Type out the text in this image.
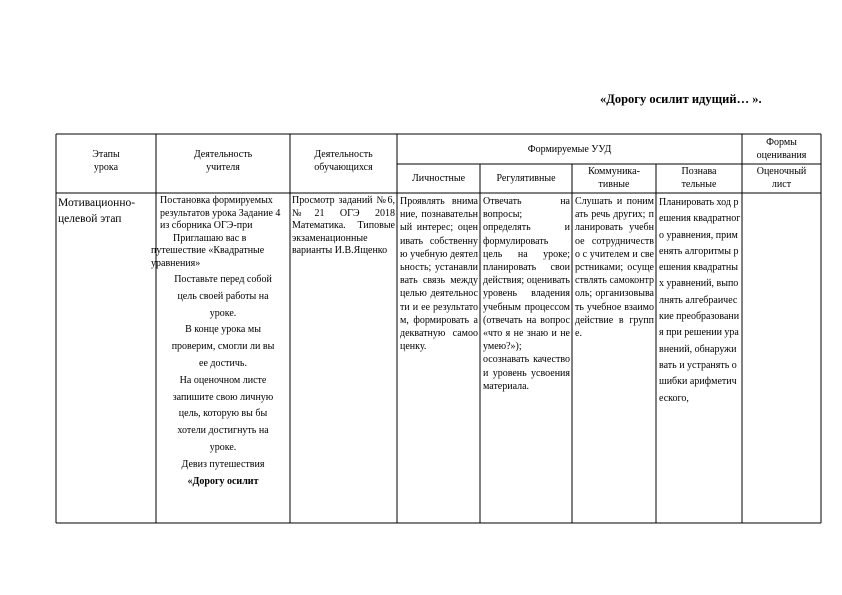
«Дорогу осилит идущий… ».
Этапы
урока
Деятельность
учителя
Деятельность
обучающихся
Формируемые УУД
Формы
оценивания
Личностные	Регулятивные
Коммуника-
тивные
Познава
тельные
Оценочный
лист
Мотивационно-целевой этап
Постановка формируемых результатов урока Задание 4 из сборника ОГЭ-при
Приглашаю вас в путешествие «Квадратные уравнения»

Поставьте перед собой цель своей работы на уроке.

В конце урока мы проверим, смогли ли вы ее достичь.

На оценочном листе запишите свою личную цель, которую вы бы хотели достигнуть на уроке.

Девиз путешествия

«Дорогу осилит

Просмотр заданий №6, №21 ОГЭ 2018 Математика. Типовые экзаменационные варианты И.В.Ященко
Проявлять внимание, познавательный интерес; оценивать собственную учебную деятельность; устанавливать связь между целью деятельности и ее результатом, формировать адекватную самооценку.
Отвечать на вопросы; определять и формулировать цель на уроке; планировать свои действия; оценивать уровень владения учебным процессом (отвечать на вопрос «что я не знаю и не умею?»); осознавать качество и уровень усвоения материала.
Слушать и понимать речь других; планировать учебное сотрудничество с учителем и сверстниками; осуществлять самоконтроль; организовывать учебное взаимодействие в группе.
Планировать ход решения квадратного уравнения, применять алгоритмы решения квадратных уравнений, выполнять алгебраические преобразования при решении уравнений, обнаруживать и устранять ошибки арифметического,
